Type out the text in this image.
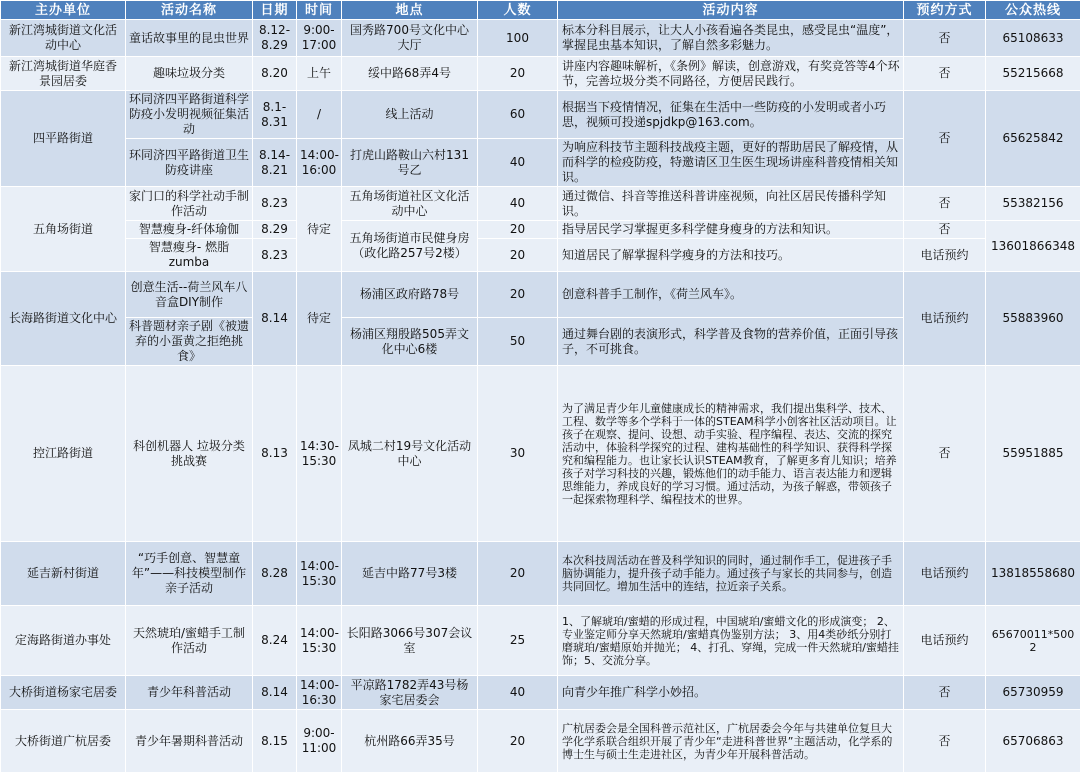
主办单位	活动名称	日期	时间	地点	人数	活动内容	预约方式	公众热线
新江湾城街道文化活动中心	童话故事里的昆虫世界	8.12-8.29	9:00-17:00	国秀路700号文化中心大厅	100	标本分科目展示，让大人小孩看遍各类昆虫，感受昆虫“温度”，掌握昆虫基本知识，了解自然多彩魅力。	否	65108633
新江湾城街道华庭香景园居委	趣味垃圾分类	8.20	上午	绥中路68弄4号	20	讲座内容趣味解析，《条例》解读，创意游戏，有奖竞答等4个环节，完善垃圾分类不同路径，方便居民践行。	否	55215668
四平路街道	环同济四平路街道科学防疫小发明视频征集活动	8.1-8.31	/	线上活动	60	根据当下疫情情况，征集在生活中一些防疫的小发明或者小巧思，视频可投递spjdkp@163.com。	否	65625842
	环同济四平路街道卫生防疫讲座	8.14-8.21	14:00-16:00	打虎山路鞍山六村131号乙	40	为响应科技节主题科技战疫主题，更好的帮助居民了解疫情，从而科学的检疫防疫，特邀请区卫生医生现场讲座科普疫情相关知识。		
五角场街道	家门口的科学社动手制作活动	8.23	待定	五角场街道社区文化活动中心	40	通过微信、抖音等推送科普讲座视频，向社区居民传播科学知识。	否	55382156
	智慧瘦身-纤体瑜伽	8.29		五角场街道市民健身房（政化路257号2楼）	20	指导居民学习掌握更多科学健身瘦身的方法和知识。	否	13601866348
	智慧瘦身- 燃脂zumba	8.23			20	知道居民了解掌握科学瘦身的方法和技巧。	电话预约	
长海路街道文化中心	创意生活--荷兰风车八音盒DIY制作	8.14	待定	杨浦区政府路78号	20	创意科普手工制作，《荷兰风车》。	电话预约	55883960
	科普题材亲子剧《被遗弃的小蛋黄之拒绝挑食》			杨浦区翔殷路505弄文化中心6楼	50	通过舞台剧的表演形式，科学普及食物的营养价值，正面引导孩子，不可挑食。		
控江路街道	科创机器人 垃圾分类挑战赛	8.13	14:30-15:30	凤城二村19号文化活动中心	30	为了满足青少年儿童健康成长的精神需求，我们提出集科学、技术、工程、数学等多个学科于一体的STEAM科学小创客社区活动项目。让孩子在观察、提问、设想、动手实验、程序编程、表达、交流的探究活动中，体验科学探究的过程、建构基础性的科学知识、获得科学探究和编程能力。也让家长认识STEAM教育，了解更多育儿知识；培养孩子对学习科技的兴趣，锻炼他们的动手能力、语言表达能力和逻辑思维能力，养成良好的学习习惯。通过活动，为孩子解惑，带领孩子一起探索物理科学、编程技术的世界。	否	55951885
延吉新村街道	“巧手创意、智慧童年”——科技模型制作亲子活动	8.28	14:00-15:30	延吉中路77号3楼	20	本次科技周活动在普及科学知识的同时，通过制作手工，促进孩子手脑协调能力，提升孩子动手能力。通过孩子与家长的共同参与，创造共同回忆。增加生活中的连结，拉近亲子关系。	电话预约	13818558680
定海路街道办事处	天然琥珀/蜜蜡手工制作活动	8.24	14:00-15:30	长阳路3066号307会议室	25	1、了解琥珀/蜜蜡的形成过程，中国琥珀/蜜蜡文化的形成演变； 2、专业鉴定师分享天然琥珀/蜜蜡真伪鉴别方法； 3、用4类砂纸分别打磨琥珀/蜜蜡原始并抛光； 4、打孔、穿绳，完成一件天然琥珀/蜜蜡挂饰；5、交流分享。	电话预约	65670011*5002
大桥街道杨家宅居委	青少年科普活动	8.14	14:00-16:30	平凉路1782弄43号杨家宅居委会	40	向青少年推广科学小妙招。	否	65730959
大桥街道广杭居委	青少年暑期科普活动	8.15	9:00-11:00	杭州路66弄35号	20	广杭居委会是全国科普示范社区，广杭居委会今年与共建单位复旦大学化学系联合组织开展了青少年“走进科普世界”主题活动，化学系的博士生与硕士生走进社区，为青少年开展科普活动。	否	65706863
